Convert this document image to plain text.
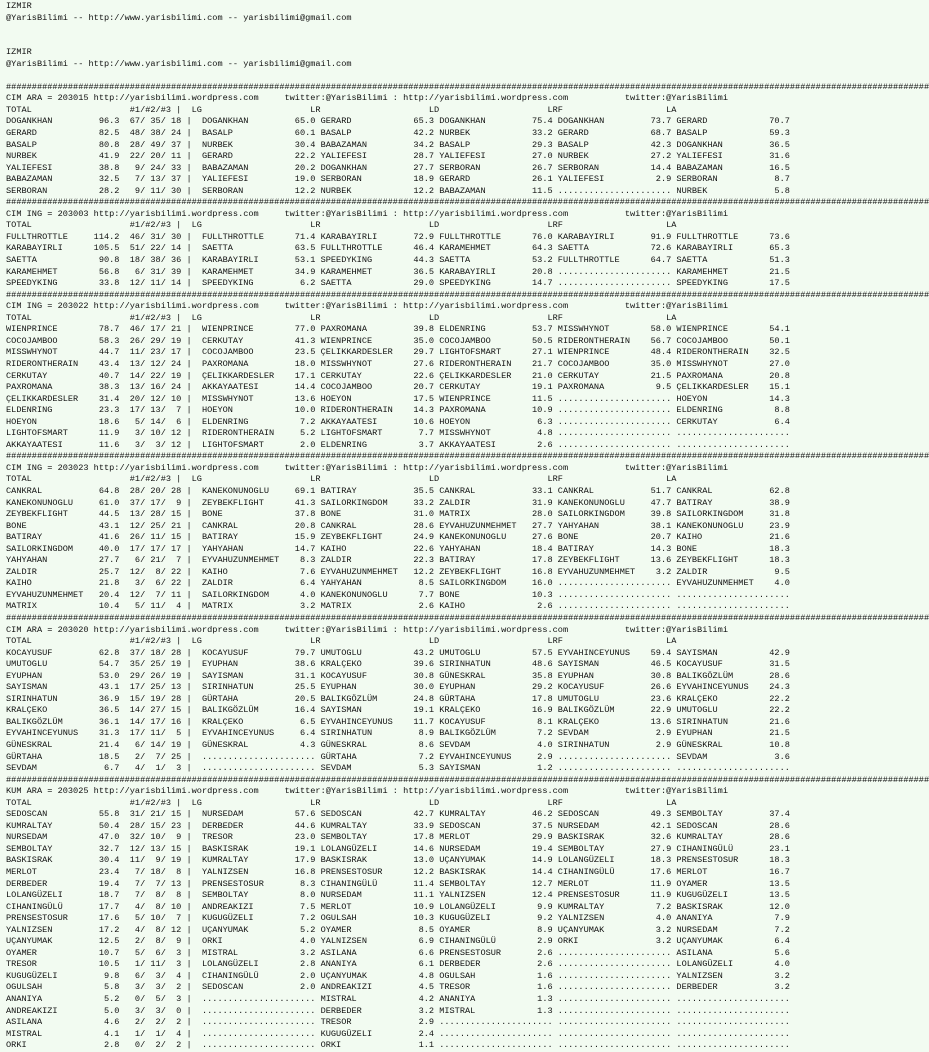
IZMIR
@YarisBilimi -- http://www.yarisbilimi.com -- yarisbilimi@gmail.com
IZMIR
@YarisBilimi -- http://www.yarisbilimi.com -- yarisbilimi@gmail.com
###################################################################################################################################################################################
CIM ARA = 203015 http://yarisbilimi.wordpress.com     twitter:@YarisBilimi : http://yarisbilimi.wordpress.com           twitter:@YarisBilimi
TOTAL                   #1/#2/#3 |  LG                     LR                     LD                     LRF                    LA
DOGANKHAN         96.3  67/ 35/ 18 |  DOGANKHAN         65.0 GERARD            65.3 DOGANKHAN         75.4 DOGANKHAN         73.7 GERARD            70.7
GERARD            82.5  48/ 38/ 24 |  BASALP            60.1 BASALP            42.2 NURBEK            33.2 GERARD            68.7 BASALP            59.3
BASALP            80.8  28/ 49/ 37 |  NURBEK            30.4 BABAZAMAN         34.2 BASALP            29.3 BASALP            42.3 DOGANKHAN         36.5
NURBEK            41.9  22/ 20/ 11 |  GERARD            22.2 YALIEFESI         28.7 YALIEFESI         27.0 NURBEK            27.2 YALIEFESI         31.6
YALIEFESI         38.8   9/ 24/ 33 |  BABAZAMAN         20.2 DOGANKHAN         27.7 SERBORAN          26.7 SERBORAN          14.4 BABAZAMAN         16.5
BABAZAMAN         32.5   7/ 13/ 37 |  YALIEFESI         19.0 SERBORAN          18.9 GERARD            26.1 YALIEFESI          2.9 SERBORAN           8.7
SERBORAN          28.2   9/ 11/ 30 |  SERBORAN          12.2 NURBEK            12.2 BABAZAMAN         11.5 ...................... NURBEK             5.8
###################################################################################################################################################################################
CIM ING = 203003 http://yarisbilimi.wordpress.com     twitter:@YarisBilimi : http://yarisbilimi.wordpress.com           twitter:@YarisBilimi
TOTAL                   #1/#2/#3 |  LG                     LR                     LD                     LRF                    LA
FULLTHROTTLE     114.2  46/ 31/ 30 |  FULLTHROTTLE      71.4 KARABAYIRLI       72.9 FULLTHROTTLE      76.0 KARABAYIRLI       91.9 FULLTHROTTLE      73.6
KARABAYIRLI      105.5  51/ 22/ 14 |  SAETTA            63.5 FULLTHROTTLE      46.4 KARAMEHMET        64.3 SAETTA            72.6 KARABAYIRLI       65.3
SAETTA            90.8  18/ 38/ 36 |  KARABAYIRLI       53.1 SPEEDYKING        44.3 SAETTA            53.2 FULLTHROTTLE      64.7 SAETTA            51.3
KARAMEHMET        56.8   6/ 31/ 39 |  KARAMEHMET        34.9 KARAMEHMET        36.5 KARABAYIRLI       20.8 ...................... KARAMEHMET        21.5
SPEEDYKING        33.8  12/ 11/ 14 |  SPEEDYKING         6.2 SAETTA            29.0 SPEEDYKING        14.7 ...................... SPEEDYKING        17.5
###################################################################################################################################################################################
CIM ING = 203022 http://yarisbilimi.wordpress.com     twitter:@YarisBilimi : http://yarisbilimi.wordpress.com           twitter:@YarisBilimi
TOTAL                   #1/#2/#3 |  LG                     LR                     LD                     LRF                    LA
WIENPRINCE        78.7  46/ 17/ 21 |  WIENPRINCE        77.0 PAXROMANA         39.8 ELDENRING         53.7 MISSWHYNOT        58.0 WIENPRINCE        54.1
COCOJAMBOO        58.3  26/ 29/ 19 |  CERKUTAY          41.3 WIENPRINCE        35.0 COCOJAMBOO        50.5 RIDERONTHERAIN    56.7 COCOJAMBOO        50.1
MISSWHYNOT        44.7  11/ 23/ 17 |  COCOJAMBOO        23.5 ÇELIKKARDESLER    29.7 LIGHTOFSMART      27.1 WIENPRINCE        48.4 RIDERONTHERAIN    32.5
RIDERONTHERAIN    43.4  13/ 12/ 24 |  PAXROMANA         18.0 MISSWHYNOT        27.6 RIDERONTHERAIN    21.7 COCOJAMBOO        35.0 MISSWHYNOT        27.0
CERKUTAY          40.7  14/ 22/ 19 |  ÇELIKKARDESLER    17.1 CERKUTAY          22.6 ÇELIKKARDESLER    21.0 CERKUTAY          21.5 PAXROMANA         20.8
PAXROMANA         38.3  13/ 16/ 24 |  AKKAYAATESI       14.4 COCOJAMBOO        20.7 CERKUTAY          19.1 PAXROMANA          9.5 ÇELIKKARDESLER    15.1
ÇELIKKARDESLER    31.4  20/ 12/ 10 |  MISSWHYNOT        13.6 HOEYON            17.5 WIENPRINCE        11.5 ...................... HOEYON            14.3
ELDENRING         23.3  17/ 13/  7 |  HOEYON            10.0 RIDERONTHERAIN    14.3 PAXROMANA         10.9 ...................... ELDENRING          8.8
HOEYON            18.6   5/ 14/  6 |  ELDENRING          7.2 AKKAYAATESI       10.6 HOEYON             6.3 ...................... CERKUTAY           6.4
LIGHTOFSMART      11.9   3/ 10/ 12 |  RIDERONTHERAIN     5.2 LIGHTOFSMART       7.7 MISSWHYNOT         4.8 ...................... ......................
AKKAYAATESI       11.6   3/  3/ 12 |  LIGHTOFSMART       2.0 ELDENRING          3.7 AKKAYAATESI        2.6 ...................... ......................
###################################################################################################################################################################################
CIM ING = 203023 http://yarisbilimi.wordpress.com     twitter:@YarisBilimi : http://yarisbilimi.wordpress.com           twitter:@YarisBilimi
TOTAL                   #1/#2/#3 |  LG                     LR                     LD                     LRF                    LA
CANKRAL           64.8  28/ 20/ 28 |  KANEKONUNOGLU     69.1 BATIRAY           35.5 CANKRAL           33.1 CANKRAL           51.7 CANKRAL           62.8
KANEKONUNOGLU     61.0  37/ 17/  9 |  ZEYBEKFLIGHT      41.3 SAILORKINGDOM     33.2 ZALDIR            31.9 KANEKONUNOGLU     47.7 BATIRAY           38.9
ZEYBEKFLIGHT      44.5  13/ 28/ 15 |  BONE              37.8 BONE              31.0 MATRIX            28.0 SAILORKINGDOM     39.8 SAILORKINGDOM     31.8
BONE              43.1  12/ 25/ 21 |  CANKRAL           20.8 CANKRAL           28.6 EYVAHUZUNMEHMET   27.7 YAHYAHAN          38.1 KANEKONUNOGLU     23.9
BATIRAY           41.6  26/ 11/ 15 |  BATIRAY           15.9 ZEYBEKFLIGHT      24.9 KANEKONUNOGLU     27.6 BONE              20.7 KAIHO             21.6
SAILORKINGDOM     40.0  17/ 17/ 17 |  YAHYAHAN          14.7 KAIHO             22.6 YAHYAHAN          18.4 BATIRAY           14.3 BONE              18.3
YAHYAHAN          27.7   6/ 21/  7 |  EYVAHUZUNMEHMET    8.3 ZALDIR            22.3 BATIRAY           17.8 ZEYBEKFLIGHT      13.6 ZEYBEKFLIGHT      18.3
ZALDIR            25.7  12/  8/ 22 |  KAIHO              7.6 EYVAHUZUNMEHMET   12.2 ZEYBEKFLIGHT      16.8 EYVAHUZUNMEHMET    3.2 ZALDIR             9.5
KAIHO             21.8   3/  6/ 22 |  ZALDIR             6.4 YAHYAHAN           8.5 SAILORKINGDOM     16.0 ...................... EYVAHUZUNMEHMET    4.0
EYVAHUZUNMEHMET   20.4  12/  7/ 11 |  SAILORKINGDOM      4.0 KANEKONUNOGLU      7.7 BONE              10.3 ...................... ......................
MATRIX            10.4   5/ 11/  4 |  MATRIX             3.2 MATRIX             2.6 KAIHO              2.6 ...................... ......................
###################################################################################################################################################################################
CIM ARA = 203020 http://yarisbilimi.wordpress.com     twitter:@YarisBilimi : http://yarisbilimi.wordpress.com           twitter:@YarisBilimi
TOTAL                   #1/#2/#3 |  LG                     LR                     LD                     LRF                    LA
KOCAYUSUF         62.8  37/ 18/ 28 |  KOCAYUSUF         79.7 UMUTOGLU          43.2 UMUTOGLU          57.5 EYVAHINCEYUNUS    59.4 SAYISMAN          42.9
UMUTOGLU          54.7  35/ 25/ 19 |  EYUPHAN           38.6 KRALÇEKO          39.6 SIRINHATUN        48.6 SAYISMAN          46.5 KOCAYUSUF         31.5
EYUPHAN           53.0  29/ 26/ 19 |  SAYISMAN          31.1 KOCAYUSUF         30.8 GÜNESKRAL         35.8 EYUPHAN           30.8 BALIKGÖZLÜM       28.6
SAYISMAN          43.1  17/ 25/ 13 |  SIRINHATUN        25.5 EYUPHAN           30.0 EYUPHAN           29.2 KOCAYUSUF         26.6 EYVAHINCEYUNUS    24.3
SIRINHATUN        36.9  15/ 19/ 28 |  GÜRTAHA           20.5 BALIKGÖZLÜM       24.8 GÜRTAHA           17.8 UMUTOGLU          23.6 KRALÇEKO          22.2
KRALÇEKO          36.5  14/ 27/ 15 |  BALIKGÖZLÜM       16.4 SAYISMAN          19.1 KRALÇEKO          16.9 BALIKGÖZLÜM       22.9 UMUTOGLU          22.2
BALIKGÖZLÜM       36.1  14/ 17/ 16 |  KRALÇEKO           6.5 EYVAHINCEYUNUS    11.7 KOCAYUSUF          8.1 KRALÇEKO          13.6 SIRINHATUN        21.6
EYVAHINCEYUNUS    31.3  17/ 11/  5 |  EYVAHINCEYUNUS     6.4 SIRINHATUN         8.9 BALIKGÖZLÜM        7.2 SEVDAM             2.9 EYUPHAN           21.5
GÜNESKRAL         21.4   6/ 14/ 19 |  GÜNESKRAL          4.3 GÜNESKRAL          8.6 SEVDAM             4.0 SIRINHATUN         2.9 GÜNESKRAL         10.8
GÜRTAHA           18.5   2/  7/ 25 |  ...................... GÜRTAHA            7.2 EYVAHINCEYUNUS     2.9 ...................... SEVDAM             3.6
SEVDAM             6.7   4/  1/  3 |  ...................... SEVDAM             5.3 SAYISMAN           1.2 ...................... ......................
###################################################################################################################################################################################
KUM ARA = 203025 http://yarisbilimi.wordpress.com     twitter:@YarisBilimi : http://yarisbilimi.wordpress.com           twitter:@YarisBilimi
TOTAL                   #1/#2/#3 |  LG                     LR                     LD                     LRF                    LA
SEDOSCAN          55.8  31/ 21/ 15 |  NURSEDAM          57.6 SEDOSCAN          42.7 KUMRALTAY         46.2 SEDOSCAN          49.3 SEMBOLTAY         37.4
KUMRALTAY         50.4  28/ 15/ 23 |  DERBEDER          44.6 KUMRALTAY         33.9 SEDOSCAN          37.5 NURSEDAM          42.1 SEDOSCAN          28.6
NURSEDAM          47.0  32/ 10/  9 |  TRESOR            23.0 SEMBOLTAY         17.8 MERLOT            29.9 BASKISRAK         32.6 KUMRALTAY         28.6
SEMBOLTAY         32.7  12/ 13/ 15 |  BASKISRAK         19.1 LOLANGÜZELI       14.6 NURSEDAM          19.4 SEMBOLTAY         27.9 CIHANINGÜLÜ       23.1
BASKISRAK         30.4  11/  9/ 19 |  KUMRALTAY         17.9 BASKISRAK         13.0 UÇANYUMAK         14.9 LOLANGÜZELI       18.3 PRENSESTOSUR      18.3
MERLOT            23.4   7/ 18/  8 |  YALNIZSEN         16.8 PRENSESTOSUR      12.2 BASKISRAK         14.4 CIHANINGÜLÜ       17.6 MERLOT            16.7
DERBEDER          19.4   7/  7/ 13 |  PRENSESTOSUR       8.3 CIHANINGÜLÜ       11.4 SEMBOLTAY         12.7 MERLOT            11.9 OYAMER            13.5
LOLANGÜZELI       18.7   7/  8/  8 |  SEMBOLTAY          8.0 NURSEDAM          11.1 YALNIZSEN         12.4 PRENSESTOSUR      11.9 KUGUGÜZELI        13.5
CIHANINGÜLÜ       17.7   4/  8/ 10 |  ANDREAKIZI         7.5 MERLOT            10.9 LOLANGÜZELI        9.9 KUMRALTAY          7.2 BASKISRAK         12.0
PRENSESTOSUR      17.6   5/ 10/  7 |  KUGUGÜZELI         7.2 OGULSAH           10.3 KUGUGÜZELI         9.2 YALNIZSEN          4.0 ANANIYA            7.9
YALNIZSEN         17.2   4/  8/ 12 |  UÇANYUMAK          5.2 OYAMER             8.5 OYAMER             8.9 UÇANYUMAK          3.2 NURSEDAM           7.2
UÇANYUMAK         12.5   2/  8/  9 |  ORKI               4.0 YALNIZSEN          6.9 CIHANINGÜLÜ        2.9 ORKI               3.2 UÇANYUMAK          6.4
OYAMER            10.7   5/  6/  3 |  MISTRAL            3.2 ASILANA            6.6 PRENSESTOSUR       2.6 ...................... ASILANA            5.6
TRESOR            10.5   1/ 11/  3 |  LOLANGÜZELI        2.8 ANANIYA            6.1 DERBEDER           2.6 ...................... LOLANGÜZELI        4.0
KUGUGÜZELI         9.8   6/  3/  4 |  CIHANINGÜLÜ        2.0 UÇANYUMAK          4.8 OGULSAH            1.6 ...................... YALNIZSEN          3.2
OGULSAH            5.8   3/  3/  2 |  SEDOSCAN           2.0 ANDREAKIZI         4.5 TRESOR             1.6 ...................... DERBEDER           3.2
ANANIYA            5.2   0/  5/  3 |  ...................... MISTRAL            4.2 ANANIYA            1.3 ...................... ......................
ANDREAKIZI         5.0   3/  3/  0 |  ...................... DERBEDER           3.2 MISTRAL            1.3 ...................... ......................
ASILANA            4.6   2/  2/  2 |  ...................... TRESOR             2.9 ...................... ...................... ......................
MISTRAL            4.1   1/  1/  4 |  ...................... KUGUGÜZELI         2.4 ...................... ...................... ......................
ORKI               2.8   0/  2/  2 |  ...................... ORKI               1.1 ...................... ...................... ......................
